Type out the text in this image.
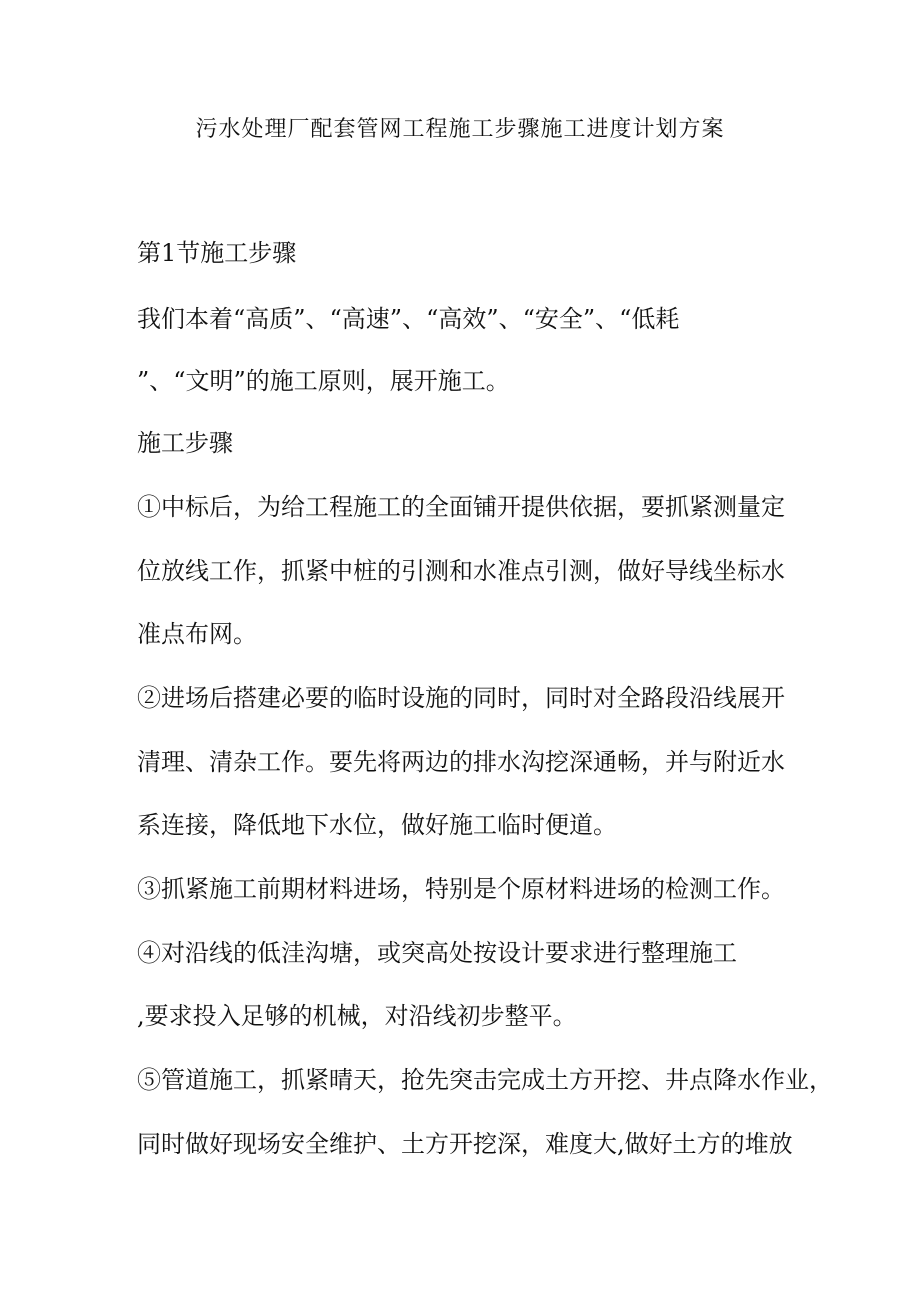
污水处理厂配套管网工程施工步骤施工进度计划方案
第1节施工步骤
我们本着“高质”、“高速”、“高效”、“安全”、“低耗
”、“文明”的施工原则，展开施工。
施工步骤
①中标后，为给工程施工的全面铺开提供依据，要抓紧测量定
位放线工作，抓紧中桩的引测和水准点引测，做好导线坐标水
准点布网。
②进场后搭建必要的临时设施的同时，同时对全路段沿线展开
清理、清杂工作。要先将两边的排水沟挖深通畅，并与附近水
系连接，降低地下水位，做好施工临时便道。
③抓紧施工前期材料进场，特别是个原材料进场的检测工作。
④对沿线的低洼沟塘，或突高处按设计要求进行整理施工
,要求投入足够的机械，对沿线初步整平。
⑤管道施工，抓紧晴天，抢先突击完成土方开挖、井点降水作业，
同时做好现场安全维护、土方开挖深，难度大,做好土方的堆放
